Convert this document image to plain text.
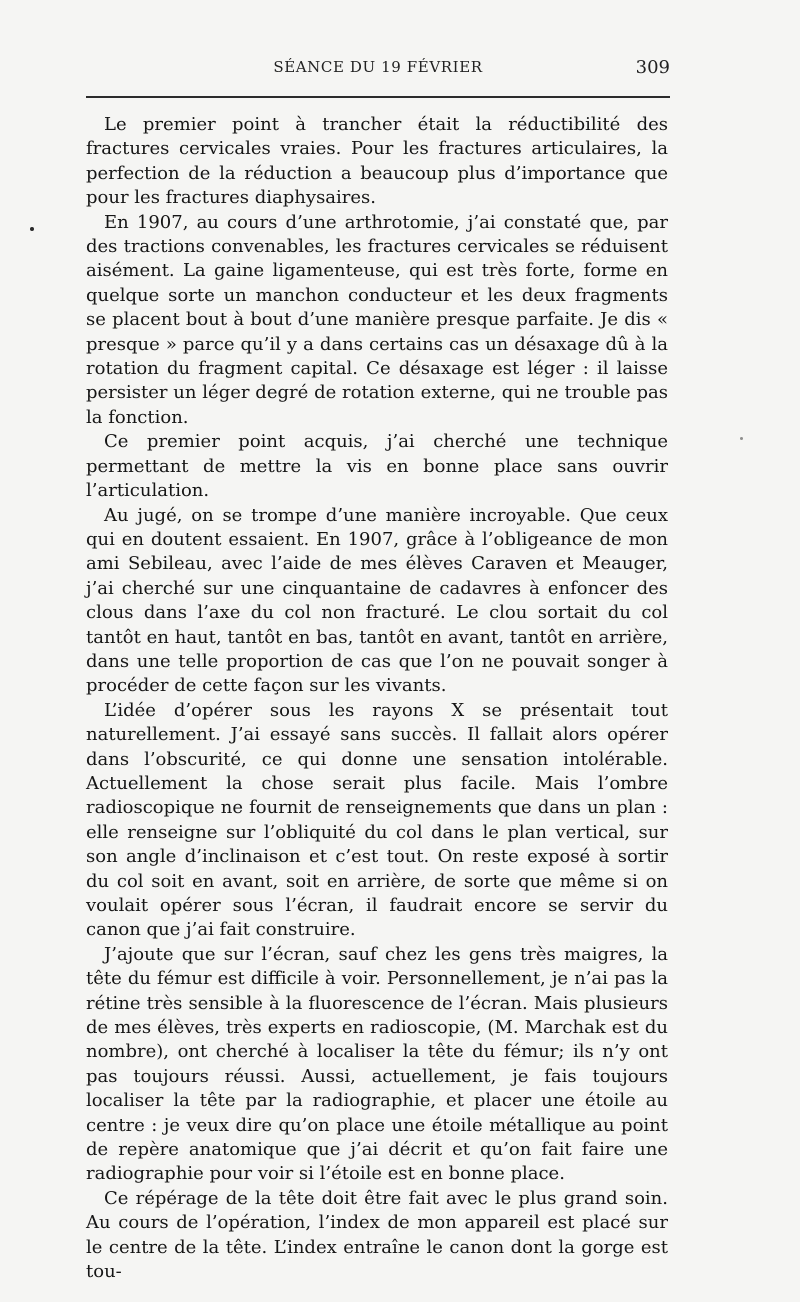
SÉANCE DU 19 FÉVRIER	309

Le premier point à trancher était la réductibilité des fractures cervicales vraies. Pour les fractures articulaires, la perfection de la réduction a beaucoup plus d’importance que pour les fractures diaphysaires.

En 1907, au cours d’une arthrotomie, j’ai constaté que, par des tractions convenables, les fractures cervicales se réduisent aisément. La gaine ligamenteuse, qui est très forte, forme en quelque sorte un manchon conducteur et les deux fragments se placent bout à bout d’une manière presque parfaite. Je dis « presque » parce qu’il y a dans certains cas un désaxage dû à la rotation du fragment capital. Ce désaxage est léger : il laisse persister un léger degré de rotation externe, qui ne trouble pas la fonction.

Ce premier point acquis, j’ai cherché une technique permettant de mettre la vis en bonne place sans ouvrir l’articulation.

Au jugé, on se trompe d’une manière incroyable. Que ceux qui en doutent essaient. En 1907, grâce à l’obligeance de mon ami Sebileau, avec l’aide de mes élèves Caraven et Meauger, j’ai cherché sur une cinquantaine de cadavres à enfoncer des clous dans l’axe du col non fracturé. Le clou sortait du col tantôt en haut, tantôt en bas, tantôt en avant, tantôt en arrière, dans une telle proportion de cas que l’on ne pouvait songer à procéder de cette façon sur les vivants.

L’idée d’opérer sous les rayons X se présentait tout naturellement. J’ai essayé sans succès. Il fallait alors opérer dans l’obscurité, ce qui donne une sensation intolérable. Actuellement la chose serait plus facile. Mais l’ombre radioscopique ne fournit de renseignements que dans un plan : elle renseigne sur l’obliquité du col dans le plan vertical, sur son angle d’inclinaison et c’est tout. On reste exposé à sortir du col soit en avant, soit en arrière, de sorte que même si on voulait opérer sous l’écran, il faudrait encore se servir du canon que j’ai fait construire.

J’ajoute que sur l’écran, sauf chez les gens très maigres, la tête du fémur est difficile à voir. Personnellement, je n’ai pas la rétine très sensible à la fluorescence de l’écran. Mais plusieurs de mes élèves, très experts en radioscopie, (M. Marchak est du nombre), ont cherché à localiser la tête du fémur; ils n’y ont pas toujours réussi. Aussi, actuellement, je fais toujours localiser la tête par la radiographie, et placer une étoile au centre : je veux dire qu’on place une étoile métallique au point de repère anatomique que j’ai décrit et qu’on fait faire une radiographie pour voir si l’étoile est en bonne place.

Ce répérage de la tête doit être fait avec le plus grand soin. Au cours de l’opération, l’index de mon appareil est placé sur le centre de la tête. L’index entraîne le canon dont la gorge est tou-
